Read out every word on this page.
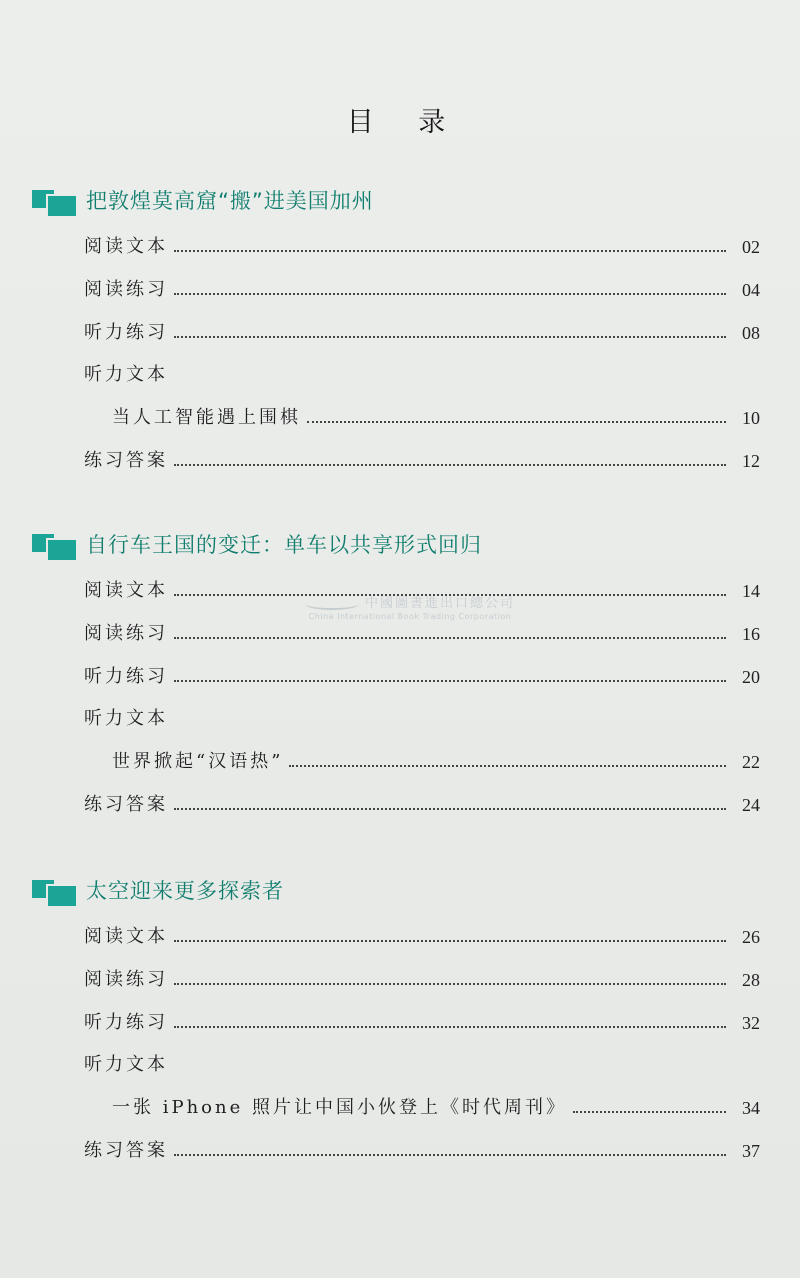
目 录
把敦煌莫高窟“搬”进美国加州
阅读文本	02
阅读练习	04
听力练习	08
听力文本
当人工智能遇上围棋	10
练习答案	12
自行车王国的变迁：单车以共享形式回归
阅读文本	14
阅读练习	16
听力练习	20
听力文本
世界掀起“汉语热”	22
练习答案	24
太空迎来更多探索者
阅读文本	26
阅读练习	28
听力练习	32
听力文本
一张 iPhone 照片让中国小伙登上《时代周刊》	34
练习答案	37
中國圖書進出口總公司
China International Book Trading Corporation
